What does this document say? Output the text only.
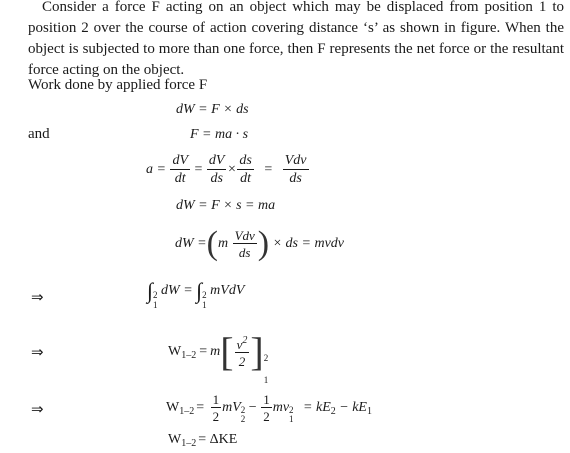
Consider a force F acting on an object which may be displaced from position 1 to position 2 over the course of action covering distance ‘s’ as shown in figure. When the object is subjected to more than one force, then F represents the net force or the resultant force acting on the object.
Work done by applied force F
dW = F × ds
and	F = ma · s
$a = \frac{dV}{dt} = \frac{dV}{ds} \times \frac{ds}{dt} = \frac{\text{Vdv}}{ds}$
dW = F × s = ma
dW $=(m \frac{\text{Vdv}}{ds}$ ) × ds = mvdv
⇒	∫ 2
1
dW = ∫ 2
1
mVdV
⇒	$W_{1-2} = m[ \frac{v^2}{2}$ ] 2
1
⇒	$W_{1-2} = \frac{1}{2}$ mV 2
2
− $\frac{1}{2}$ mv 2
1
= $kE_2 - kE_1$
$W_{1-2} = \Delta KE$
